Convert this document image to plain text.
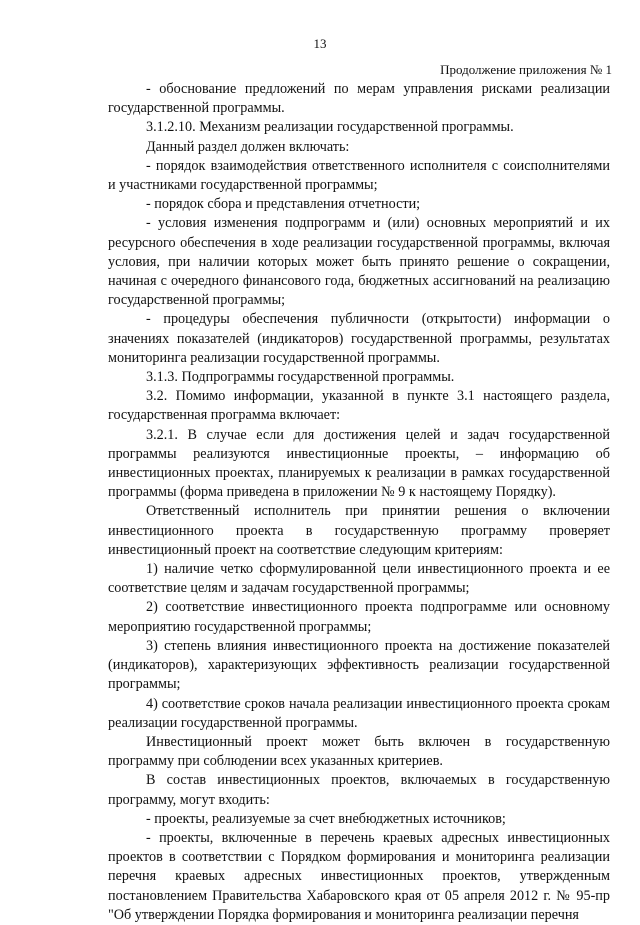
13
Продолжение приложения № 1

- обоснование предложений по мерам управления рисками реализации государственной программы.

3.1.2.10. Механизм реализации государственной программы.

Данный раздел должен включать:

- порядок взаимодействия ответственного исполнителя с соисполнителями и участниками государственной программы;

- порядок сбора и представления отчетности;

- условия изменения подпрограмм и (или) основных мероприятий и их ресурсного обеспечения в ходе реализации государственной программы, включая условия, при наличии которых может быть принято решение о сокращении, начиная с очередного финансового года, бюджетных ассигнований на реализацию государственной программы;

- процедуры обеспечения публичности (открытости) информации о значениях показателей (индикаторов) государственной программы, результатах мониторинга реализации государственной программы.

3.1.3. Подпрограммы государственной программы.

3.2. Помимо информации, указанной в пункте 3.1 настоящего раздела, государственная программа включает:

3.2.1. В случае если для достижения целей и задач государственной программы реализуются инвестиционные проекты, – информацию об инвестиционных проектах, планируемых к реализации в рамках государственной программы (форма приведена в приложении № 9 к настоящему Порядку).

Ответственный исполнитель при принятии решения о включении инвестиционного проекта в государственную программу проверяет инвестиционный проект на соответствие следующим критериям:

1) наличие четко сформулированной цели инвестиционного проекта и ее соответствие целям и задачам государственной программы;

2) соответствие инвестиционного проекта подпрограмме или основному мероприятию государственной программы;

3) степень влияния инвестиционного проекта на достижение показателей (индикаторов), характеризующих эффективность реализации государственной программы;

4) соответствие сроков начала реализации инвестиционного проекта срокам реализации государственной программы.

Инвестиционный проект может быть включен в государственную программу при соблюдении всех указанных критериев.

В состав инвестиционных проектов, включаемых в государственную программу, могут входить:

- проекты, реализуемые за счет внебюджетных источников;

- проекты, включенные в перечень краевых адресных инвестиционных проектов в соответствии с Порядком формирования и мониторинга реализации перечня краевых адресных инвестиционных проектов, утвержденным постановлением Правительства Хабаровского края от 05 апреля 2012 г. № 95-пр "Об утверждении Порядка формирования и мониторинга реализации перечня
